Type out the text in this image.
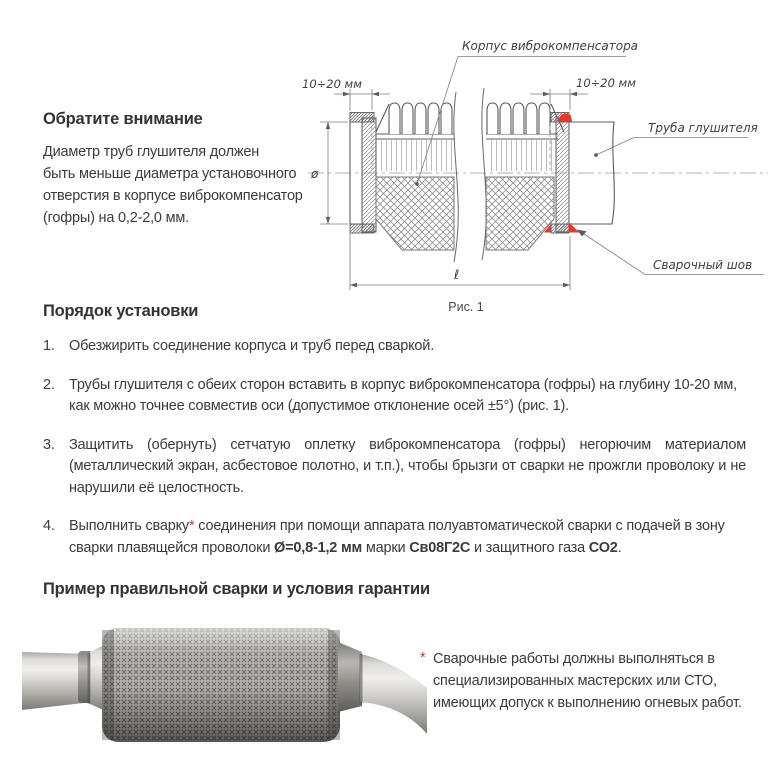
Обратите внимание
Диаметр труб глушителя должен
быть меньше диаметра установочного
отверстия в корпусе виброкомпенсатор
(гофры) на 0,2-2,0 мм.
10÷20 мм	10÷20 мм
ø
ℓ
Корпус виброкомпенсатора
Труба глушителя
Сварочный шов
Рис. 1
Порядок установки
1. Обезжирить соединение корпуса и труб перед сваркой.
2. Трубы глушителя с обеих сторон вставить в корпус виброкомпенсатора (гофры) на глубину 10-20 мм, как можно точнее совместив оси (допустимое отклонение осей ±5°) (рис. 1).
3. Защитить (обернуть) сетчатую оплетку виброкомпенсатора (гофры) негорючим материалом (металлический экран, асбестовое полотно, и т.п.), чтобы брызги от сварки не прожгли проволоку и не нарушили её целостность.
4. Выполнить сварку* соединения при помощи аппарата полуавтоматической сварки с подачей в зону сварки плавящейся проволоки Ø=0,8-1,2 мм марки Св08Г2С и защитного газа СО2.
Пример правильной сварки и условия гарантии
* Сварочные работы должны выполняться в
специализированных мастерских или СТО,
имеющих допуск к выполнению огневых работ.
